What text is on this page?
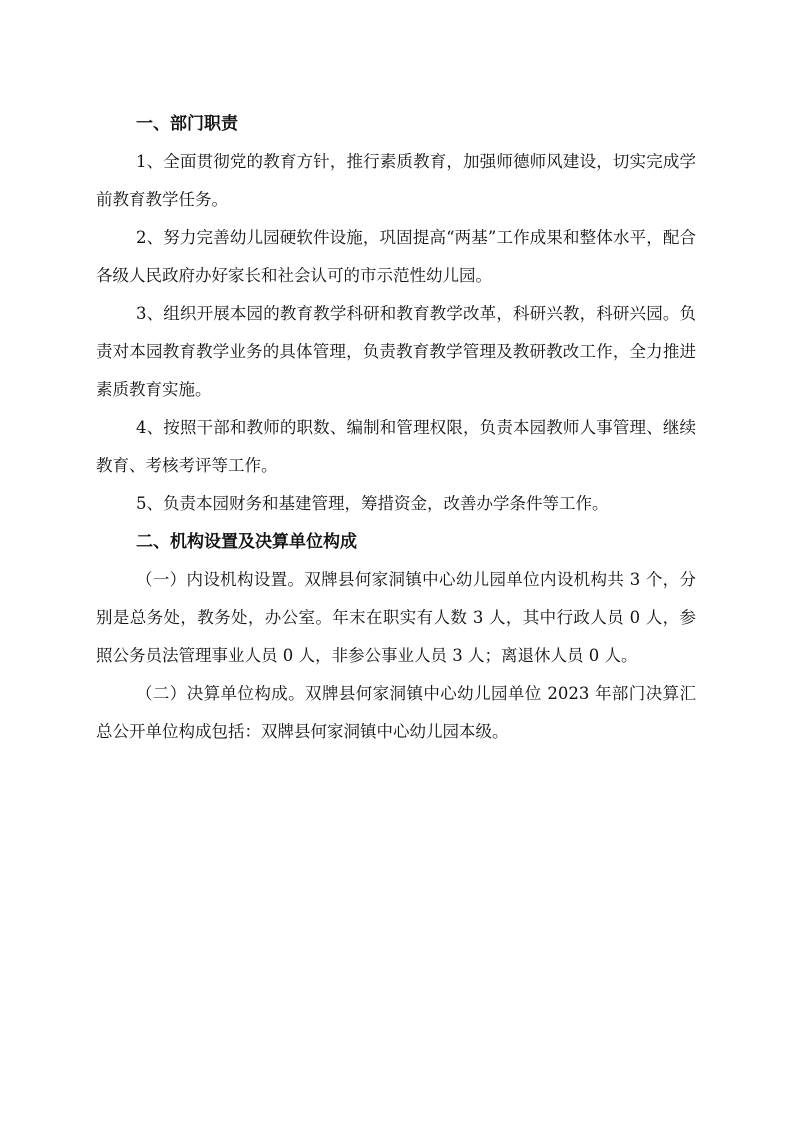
一、部门职责

1、全面贯彻党的教育方针，推行素质教育，加强师德师风建设，切实完成学前教育教学任务。

2、努力完善幼儿园硬软件设施，巩固提高“两基”工作成果和整体水平，配合各级人民政府办好家长和社会认可的市示范性幼儿园。

3、组织开展本园的教育教学科研和教育教学改革，科研兴教，科研兴园。负责对本园教育教学业务的具体管理，负责教育教学管理及教研教改工作，全力推进素质教育实施。

4、按照干部和教师的职数、编制和管理权限，负责本园教师人事管理、继续教育、考核考评等工作。

5、负责本园财务和基建管理，筹措资金，改善办学条件等工作。

二、机构设置及决算单位构成

（一）内设机构设置。双牌县何家洞镇中心幼儿园单位内设机构共 3 个，分别是总务处，教务处，办公室。年末在职实有人数 3 人，其中行政人员 0 人，参照公务员法管理事业人员 0 人，非参公事业人员 3 人；离退休人员 0 人。

（二）决算单位构成。双牌县何家洞镇中心幼儿园单位 2023 年部门决算汇总公开单位构成包括：双牌县何家洞镇中心幼儿园本级。
